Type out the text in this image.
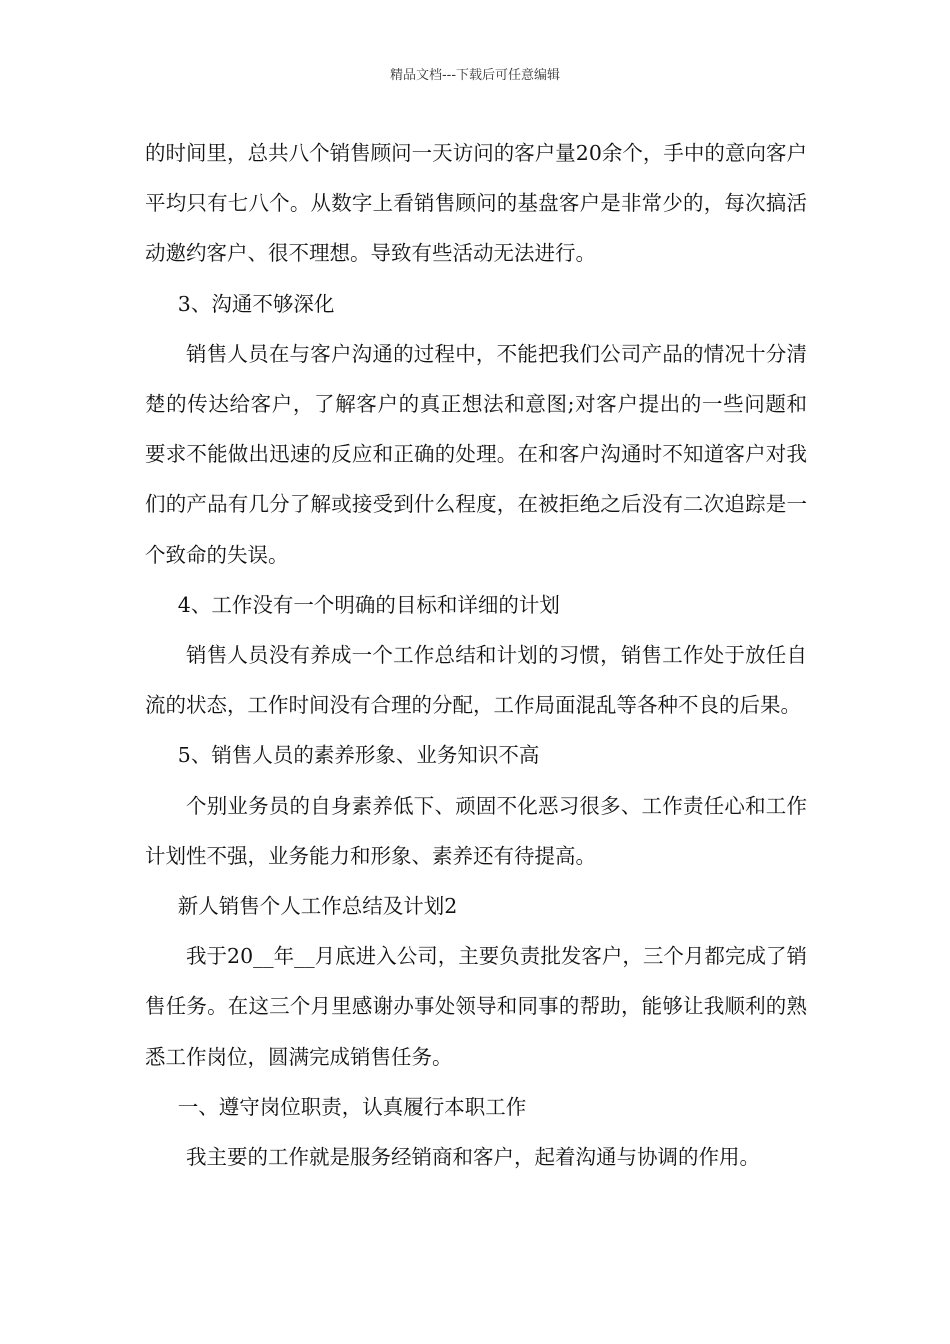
精品文档---下载后可任意编辑

的时间里，总共八个销售顾问一天访问的客户量20余个，手中的意向客户平均只有七八个。从数字上看销售顾问的基盘客户是非常少的，每次搞活动邀约客户、很不理想。导致有些活动无法进行。

3、沟通不够深化

销售人员在与客户沟通的过程中，不能把我们公司产品的情况十分清楚的传达给客户，了解客户的真正想法和意图;对客户提出的一些问题和要求不能做出迅速的反应和正确的处理。在和客户沟通时不知道客户对我们的产品有几分了解或接受到什么程度，在被拒绝之后没有二次追踪是一个致命的失误。

4、工作没有一个明确的目标和详细的计划

销售人员没有养成一个工作总结和计划的习惯，销售工作处于放任自流的状态，工作时间没有合理的分配，工作局面混乱等各种不良的后果。

5、销售人员的素养形象、业务知识不高

个别业务员的自身素养低下、顽固不化恶习很多、工作责任心和工作计划性不强，业务能力和形象、素养还有待提高。

新人销售个人工作总结及计划2

我于20__年__月底进入公司，主要负责批发客户，三个月都完成了销售任务。在这三个月里感谢办事处领导和同事的帮助，能够让我顺利的熟悉工作岗位，圆满完成销售任务。

一、遵守岗位职责，认真履行本职工作

我主要的工作就是服务经销商和客户，起着沟通与协调的作用。
